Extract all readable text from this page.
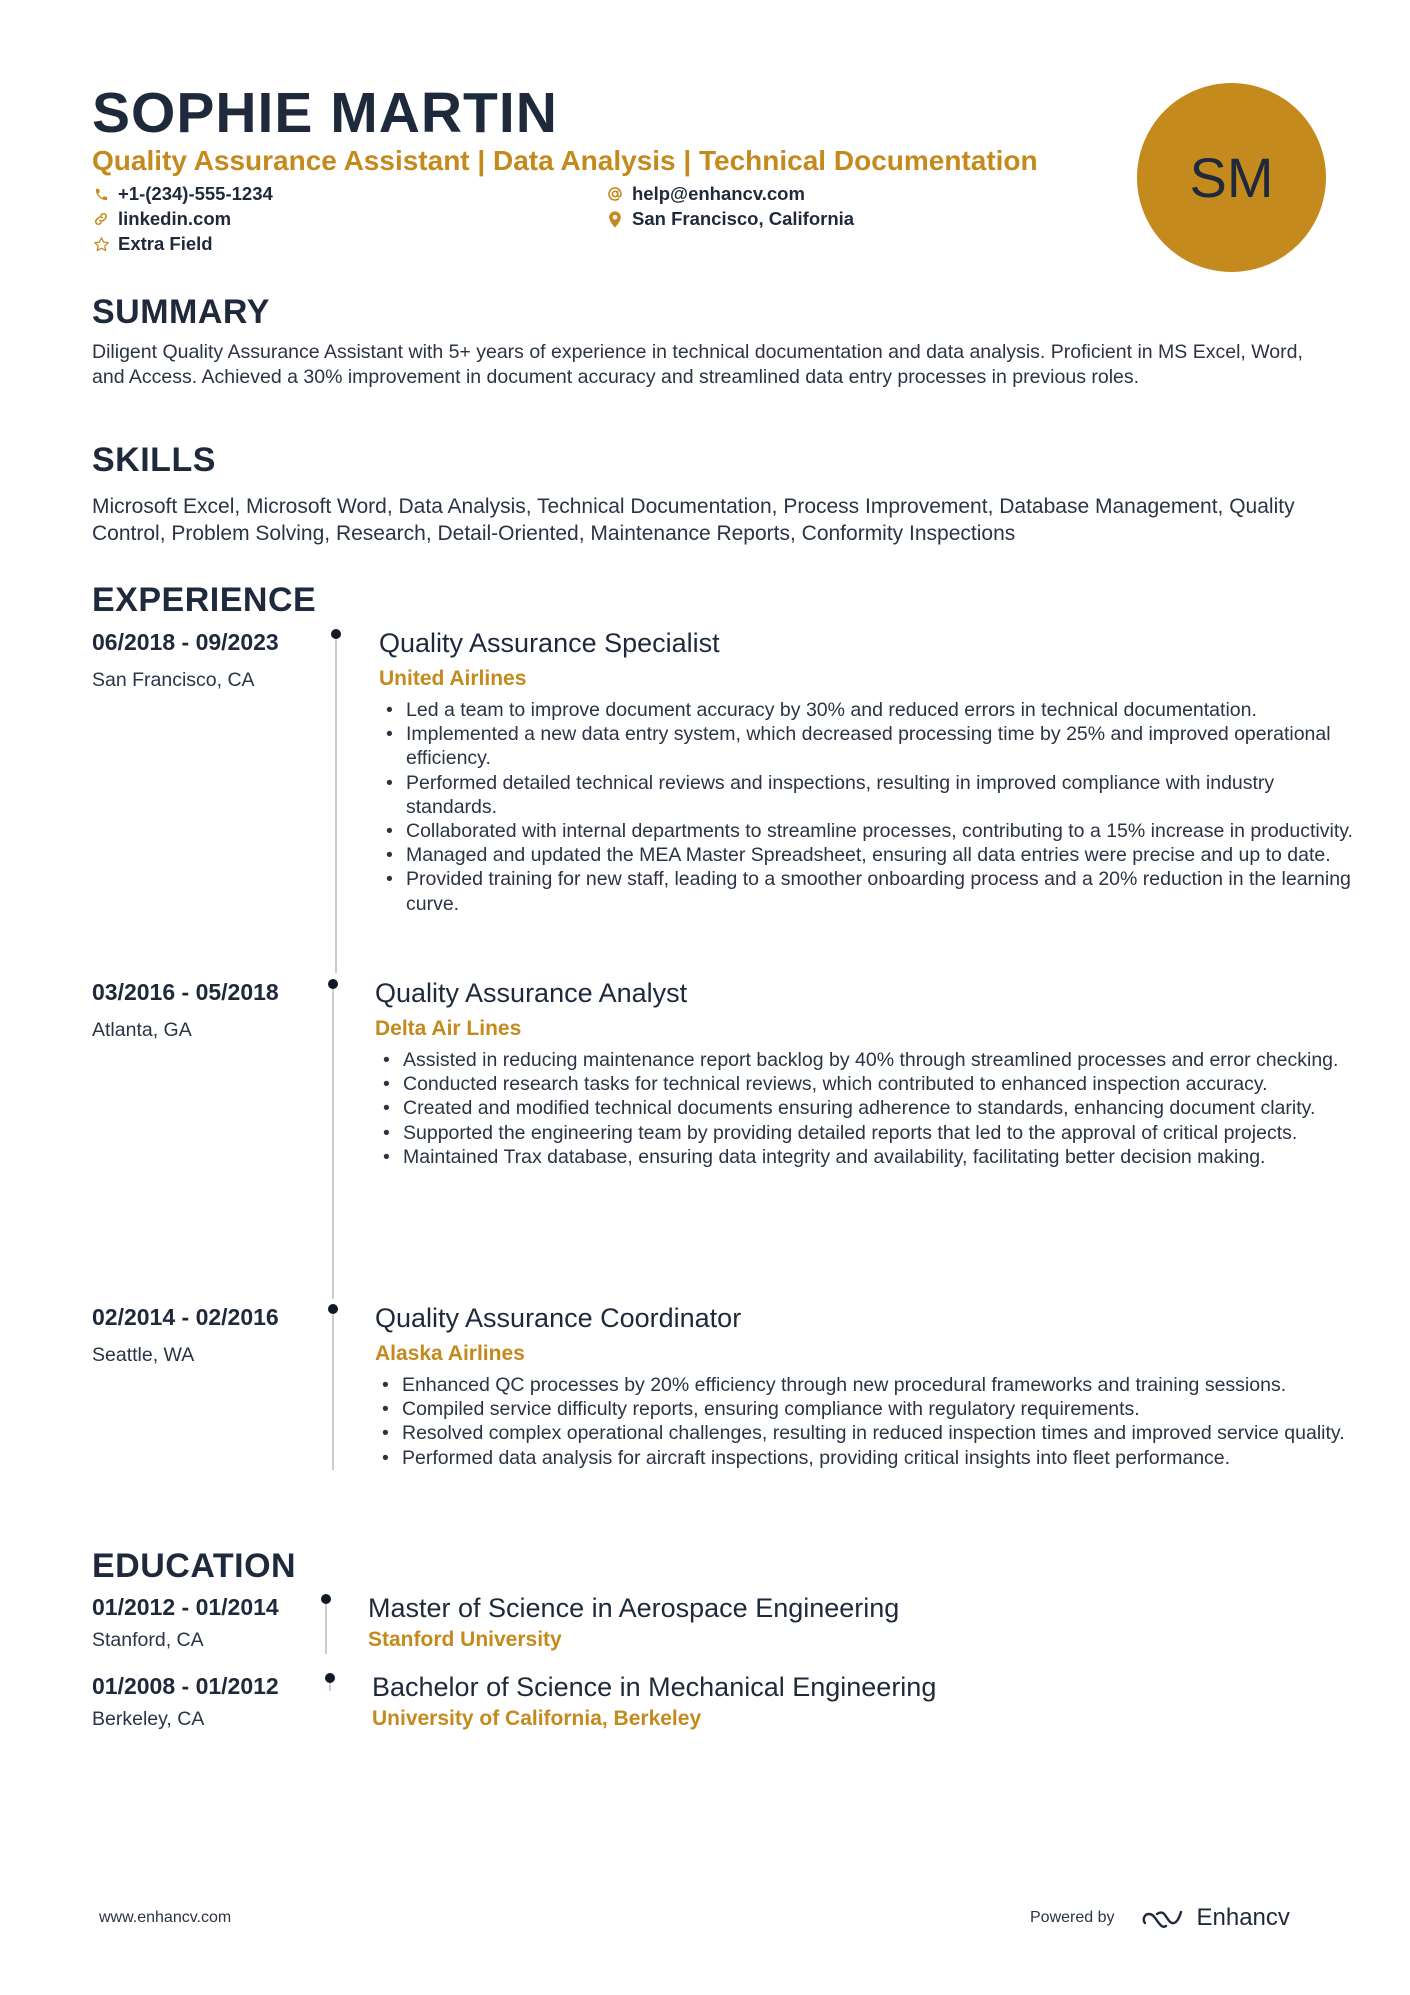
SOPHIE MARTIN
Quality Assurance Assistant | Data Analysis | Technical Documentation
+1-(234)-555-1234	help@enhancv.com
linkedin.com	San Francisco, California
Extra Field
SM
SUMMARY

Diligent Quality Assurance Assistant with 5+ years of experience in technical documentation and data analysis. Proficient in MS Excel, Word, and Access. Achieved a 30% improvement in document accuracy and streamlined data entry processes in previous roles.

SKILLS

Microsoft Excel, Microsoft Word, Data Analysis, Technical Documentation, Process Improvement, Database Management, Quality Control, Problem Solving, Research, Detail-Oriented, Maintenance Reports, Conformity Inspections

EXPERIENCE
06/2018 - 09/2023
San Francisco, CA
Quality Assurance Specialist
United Airlines
• Led a team to improve document accuracy by 30% and reduced errors in technical documentation.
• Implemented a new data entry system, which decreased processing time by 25% and improved operational efficiency.
• Performed detailed technical reviews and inspections, resulting in improved compliance with industry standards.
• Collaborated with internal departments to streamline processes, contributing to a 15% increase in productivity.
• Managed and updated the MEA Master Spreadsheet, ensuring all data entries were precise and up to date.
• Provided training for new staff, leading to a smoother onboarding process and a 20% reduction in the learning curve.
03/2016 - 05/2018
Atlanta, GA
Quality Assurance Analyst
Delta Air Lines
• Assisted in reducing maintenance report backlog by 40% through streamlined processes and error checking.
• Conducted research tasks for technical reviews, which contributed to enhanced inspection accuracy.
• Created and modified technical documents ensuring adherence to standards, enhancing document clarity.
• Supported the engineering team by providing detailed reports that led to the approval of critical projects.
• Maintained Trax database, ensuring data integrity and availability, facilitating better decision making.
02/2014 - 02/2016
Seattle, WA
Quality Assurance Coordinator
Alaska Airlines
• Enhanced QC processes by 20% efficiency through new procedural frameworks and training sessions.
• Compiled service difficulty reports, ensuring compliance with regulatory requirements.
• Resolved complex operational challenges, resulting in reduced inspection times and improved service quality.
• Performed data analysis for aircraft inspections, providing critical insights into fleet performance.
EDUCATION
01/2012 - 01/2014
Stanford, CA
Master of Science in Aerospace Engineering
Stanford University
01/2008 - 01/2012
Berkeley, CA
Bachelor of Science in Mechanical Engineering
University of California, Berkeley
www.enhancv.com	Powered by	Enhancv
